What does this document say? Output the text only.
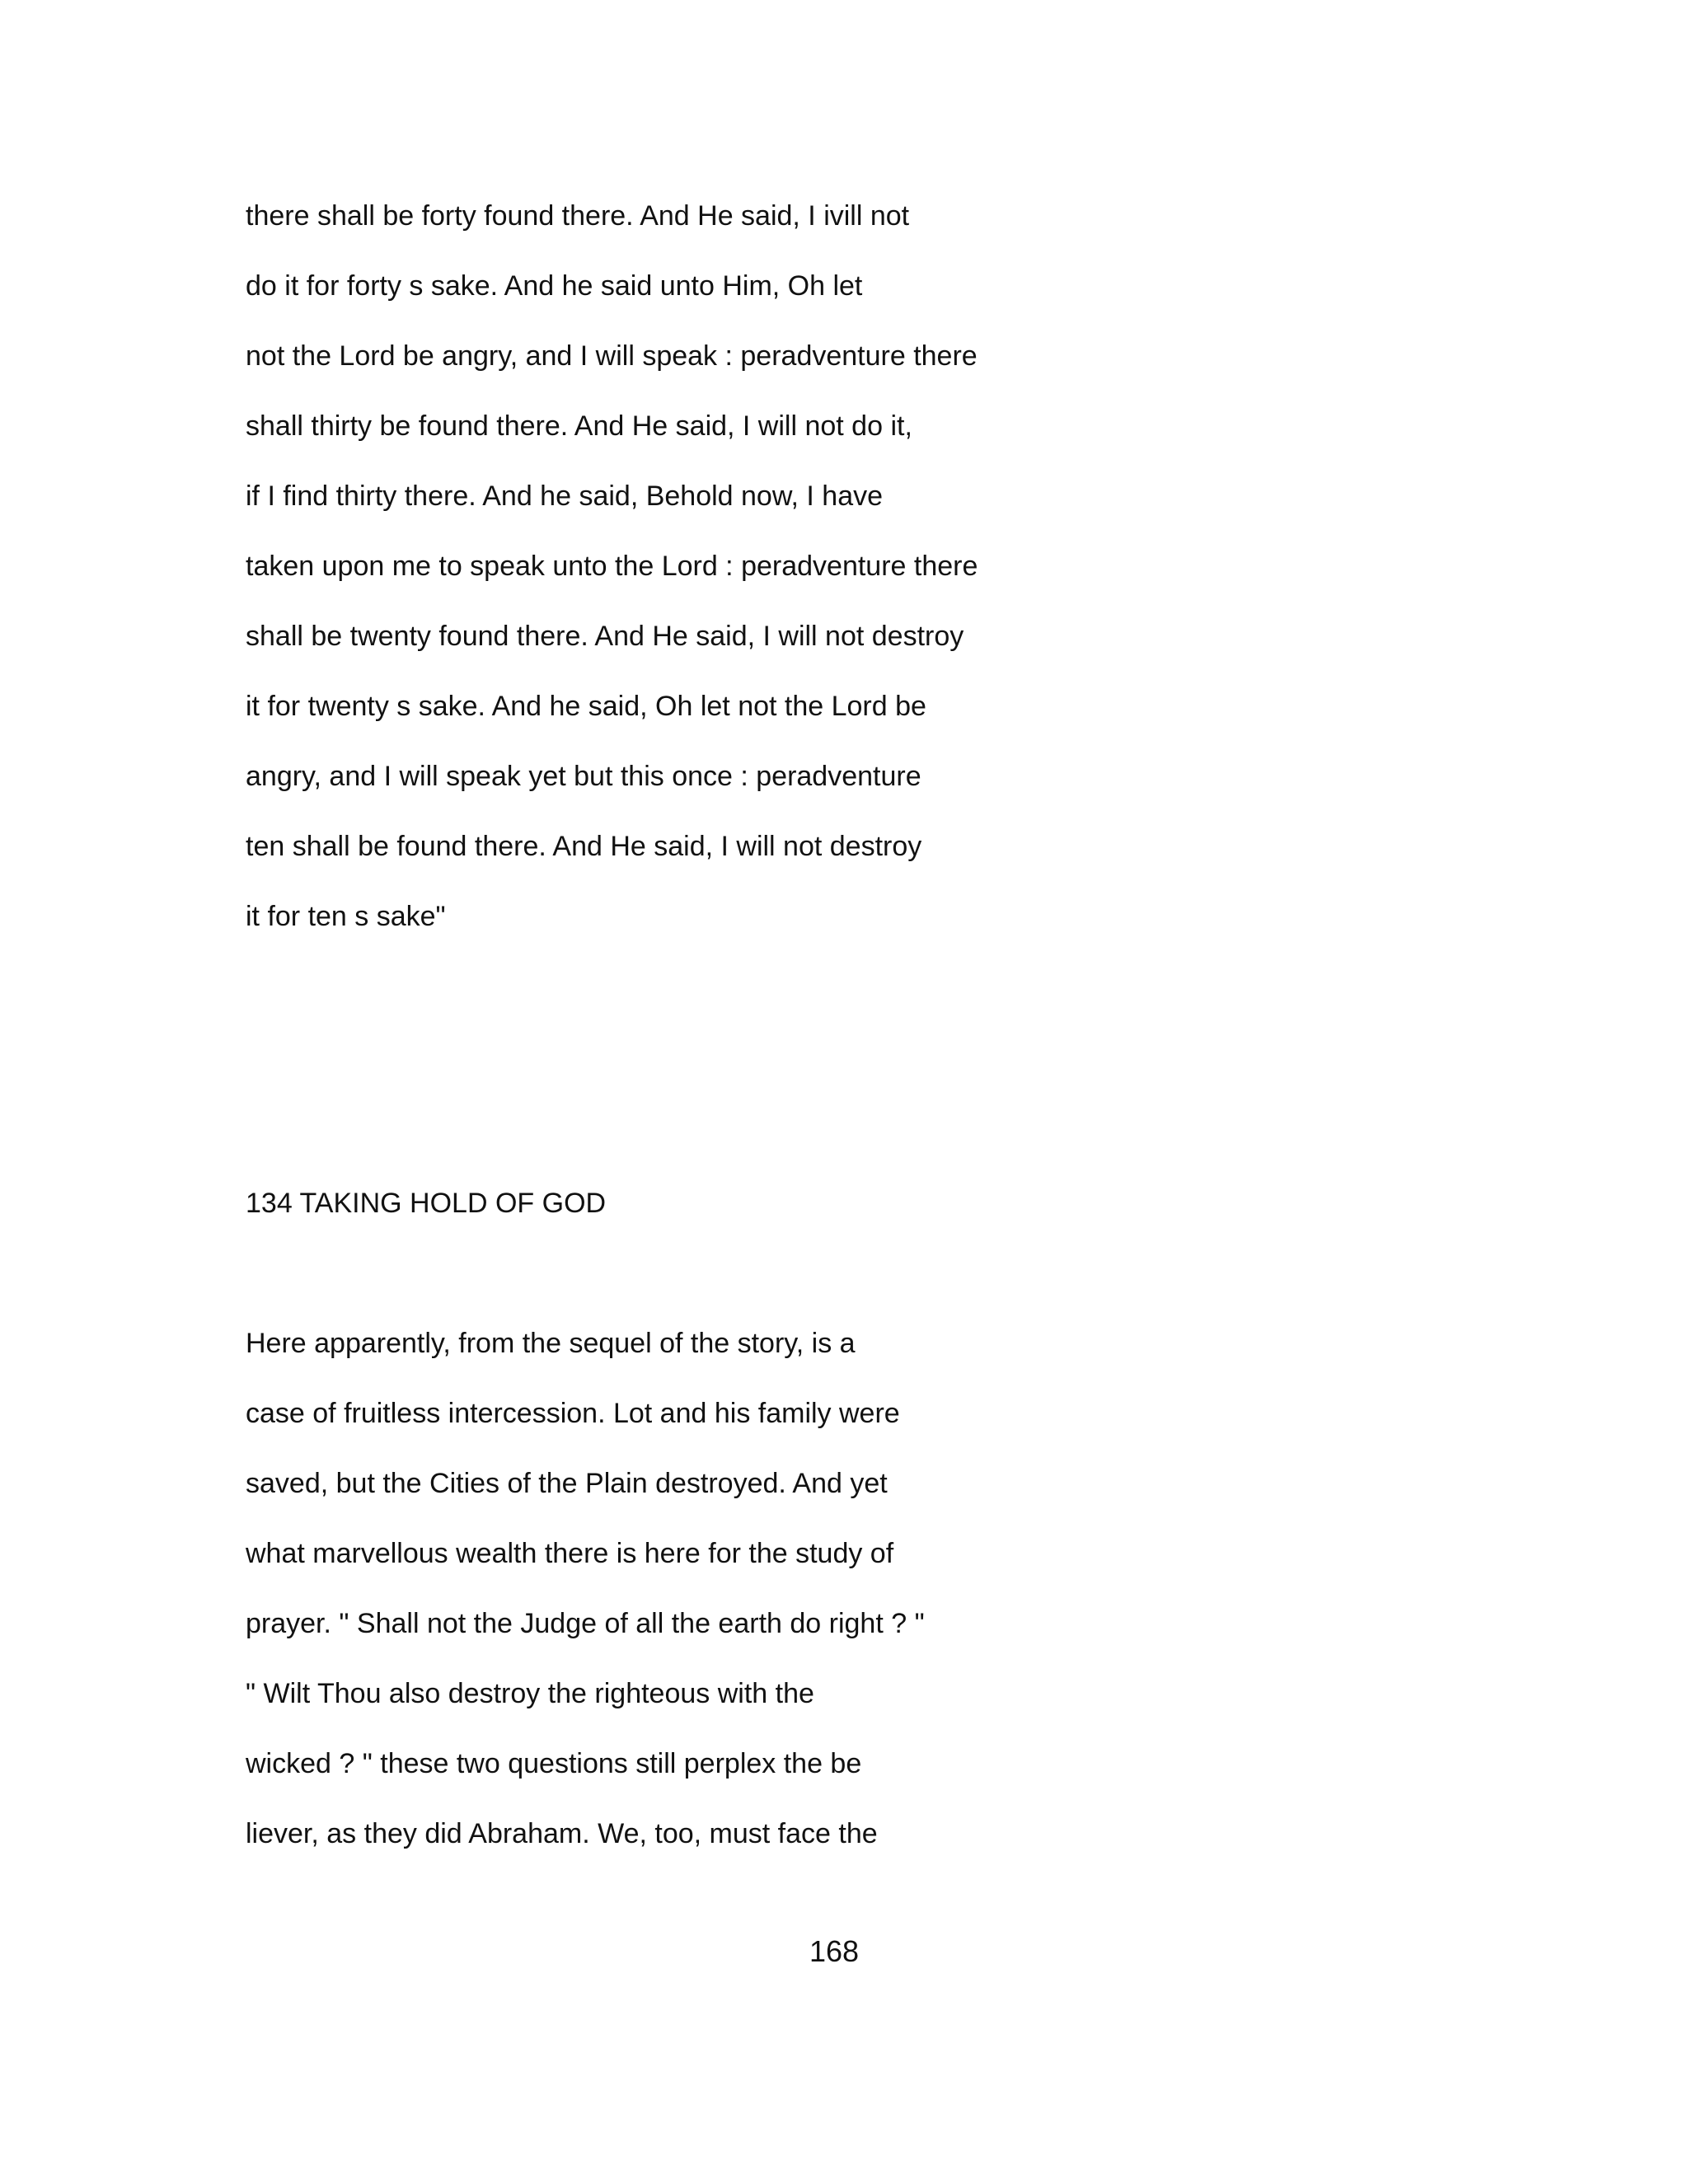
there shall be forty found there. And He said, I ivill not
do it for forty s sake. And he said unto Him, Oh let
not the Lord be angry, and I will speak : peradventure there
shall thirty be found there. And He said, I will not do it,
if I find thirty there. And he said, Behold now, I have
taken upon me to speak unto the Lord : peradventure there
shall be twenty found there. And He said, I will not destroy
it for twenty s sake. And he said, Oh let not the Lord be
angry, and I will speak yet but this once : peradventure
ten shall be found there. And He said, I will not destroy
it for ten s sake"
134 TAKING HOLD OF GOD
Here apparently, from the sequel of the story, is a
case of fruitless intercession. Lot and his family were
saved, but the Cities of the Plain destroyed. And yet
what marvellous wealth there is here for the study of
prayer. " Shall not the Judge of all the earth do right ? "
" Wilt Thou also destroy the righteous with the
wicked ? " these two questions still perplex the be
liever, as they did Abraham. We, too, must face the
168
